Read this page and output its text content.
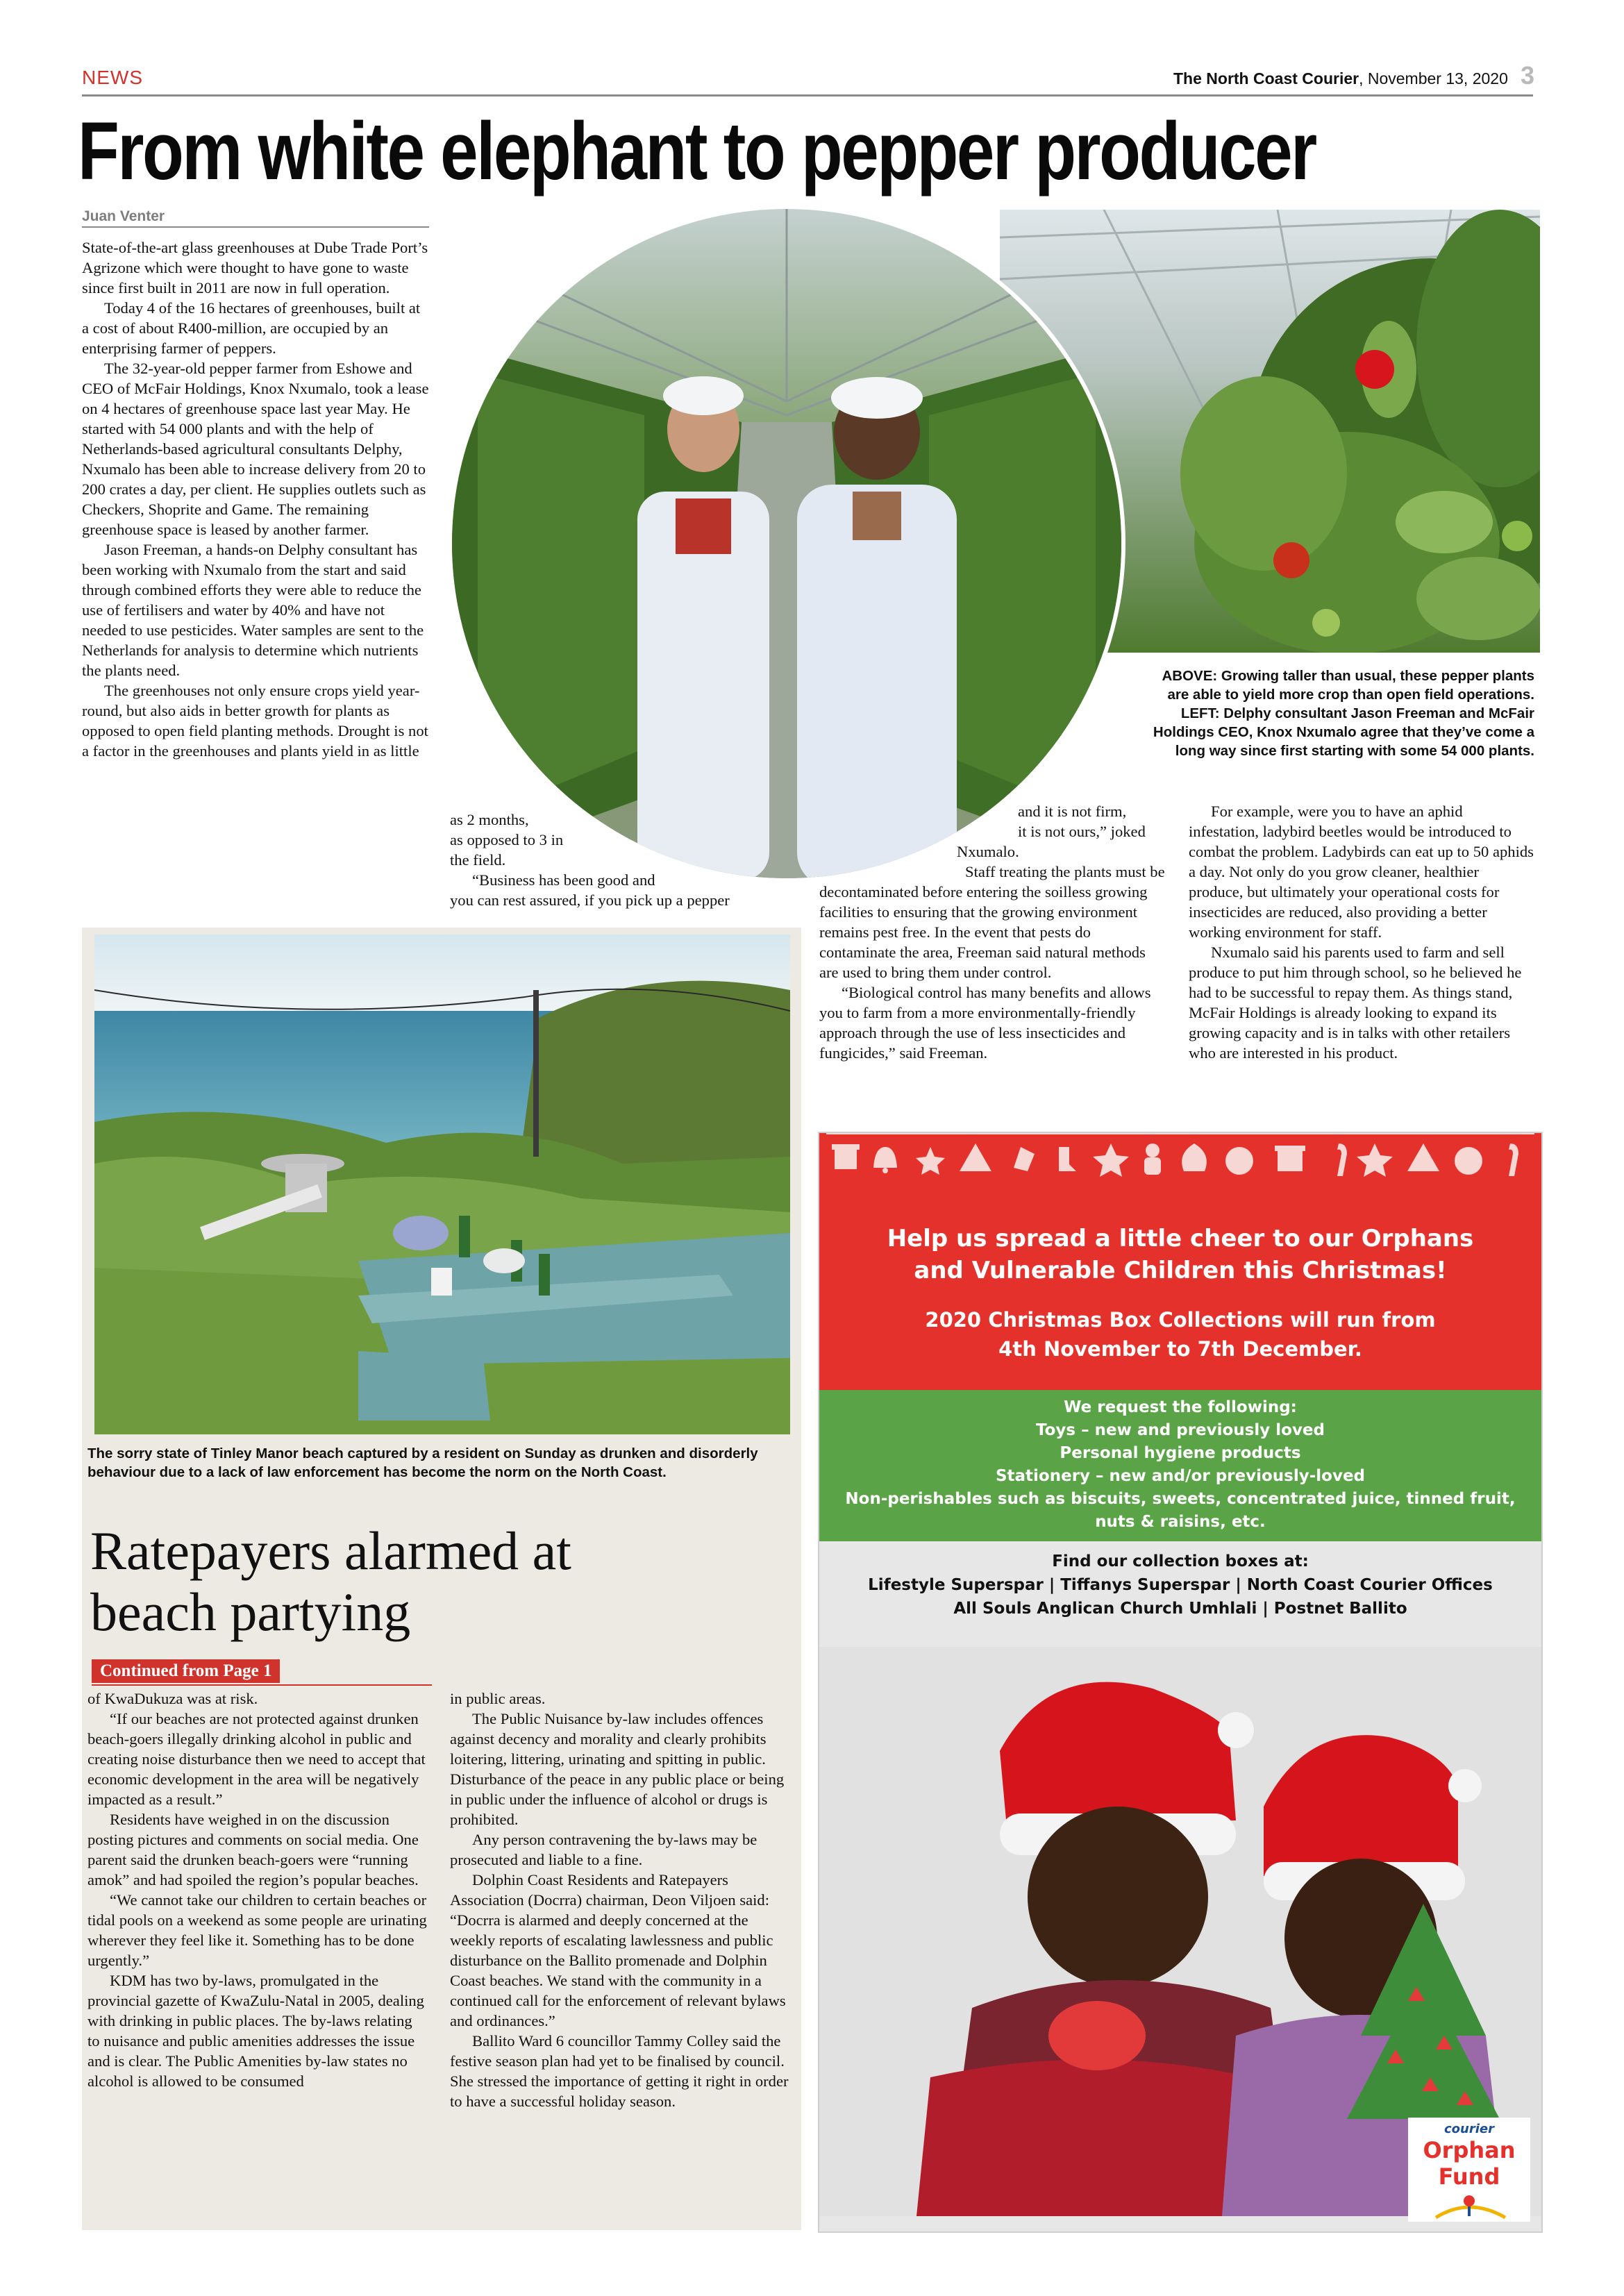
NEWS	The North Coast Courier, November 13, 2020 3
From white elephant to pepper producer
Juan Venter

State-of-the-art glass greenhouses at Dube Trade Port’s Agrizone which were thought to have gone to waste since first built in 2011 are now in full operation.

Today 4 of the 16 hectares of greenhouses, built at a cost of about R400-million, are occupied by an enterprising farmer of peppers.

The 32-year-old pepper farmer from Eshowe and CEO of McFair Holdings, Knox Nxumalo, took a lease on 4 hectares of greenhouse space last year May. He started with 54 000 plants and with the help of Netherlands-based agricultural consultants Delphy, Nxumalo has been able to increase delivery from 20 to 200 crates a day, per client. He supplies outlets such as Checkers, Shoprite and Game. The remaining greenhouse space is leased by another farmer.

Jason Freeman, a hands-on Delphy consultant has been working with Nxumalo from the start and said through combined efforts they were able to reduce the use of fertilisers and water by 40% and have not needed to use pesticides. Water samples are sent to the Netherlands for analysis to determine which nutrients the plants need.

The greenhouses not only ensure crops yield year-round, but also aids in better growth for plants as opposed to open field planting methods. Drought is not a factor in the greenhouses and plants yield in as little

ABOVE: Growing taller than usual, these pepper plants
are able to yield more crop than open field operations.
LEFT: Delphy consultant Jason Freeman and McFair
Holdings CEO, Knox Nxumalo agree that they’ve come a
long way since first starting with some 54 000 plants.
as 2 months,
as opposed to 3 in
the field.
“Business has been good and
you can rest assured, if you pick up a pepper
and it is not firm,
it is not ours,” joked
Nxumalo.

Staff treating the plants must be decontaminated before entering the soilless growing facilities to ensuring that the growing environment remains pest free. In the event that pests do contaminate the area, Freeman said natural methods are used to bring them under control.

“Biological control has many benefits and allows you to farm from a more environmentally-friendly approach through the use of less insecticides and fungicides,” said Freeman.

For example, were you to have an aphid infestation, ladybird beetles would be introduced to combat the problem. Ladybirds can eat up to 50 aphids a day. Not only do you grow cleaner, healthier produce, but ultimately your operational costs for insecticides are reduced, also providing a better working environment for staff.

Nxumalo said his parents used to farm and sell produce to put him through school, so he believed he had to be successful to repay them. As things stand, McFair Holdings is already looking to expand its growing capacity and is in talks with other retailers who are interested in his product.

The sorry state of Tinley Manor beach captured by a resident on Sunday as drunken and disorderly behaviour due to a lack of law enforcement has become the norm on the North Coast.
Ratepayers alarmed at
beach partying
Continued from Page 1

of KwaDukuza was at risk.

“If our beaches are not protected against drunken beach-goers illegally drinking alcohol in public and creating noise disturbance then we need to accept that economic development in the area will be negatively impacted as a result.”

Residents have weighed in on the discussion posting pictures and comments on social media. One parent said the drunken beach-goers were “running amok” and had spoiled the region’s popular beaches.

“We cannot take our children to certain beaches or tidal pools on a weekend as some people are urinating wherever they feel like it. Something has to be done urgently.”

KDM has two by-laws, promulgated in the provincial gazette of KwaZulu-Natal in 2005, dealing with drinking in public places. The by-laws relating to nuisance and public amenities addresses the issue and is clear. The Public Amenities by-law states no alcohol is allowed to be consumed

in public areas.

The Public Nuisance by-law includes offences against decency and morality and clearly prohibits loitering, littering, urinating and spitting in public. Disturbance of the peace in any public place or being in public under the influence of alcohol or drugs is prohibited.

Any person contravening the by-laws may be prosecuted and liable to a fine.

Dolphin Coast Residents and Ratepayers Association (Docrra) chairman, Deon Viljoen said: “Docrra is alarmed and deeply concerned at the weekly reports of escalating lawlessness and public disturbance on the Ballito promenade and Dolphin Coast beaches. We stand with the community in a continued call for the enforcement of relevant bylaws and ordinances.”

Ballito Ward 6 councillor Tammy Colley said the festive season plan had yet to be finalised by council. She stressed the importance of getting it right in order to have a successful holiday season.

Help us spread a little cheer to our Orphans
and Vulnerable Children this Christmas!
2020 Christmas Box Collections will run from
4th November to 7th December.
We request the following:
Toys – new and previously loved
Personal hygiene products
Stationery – new and/or previously-loved
Non-perishables such as biscuits, sweets, concentrated juice, tinned fruit,
nuts & raisins, etc.
Find our collection boxes at:
Lifestyle Superspar | Tiffanys Superspar | North Coast Courier Offices
All Souls Anglican Church Umhlali | Postnet Ballito
courier
Orphan
Fund
